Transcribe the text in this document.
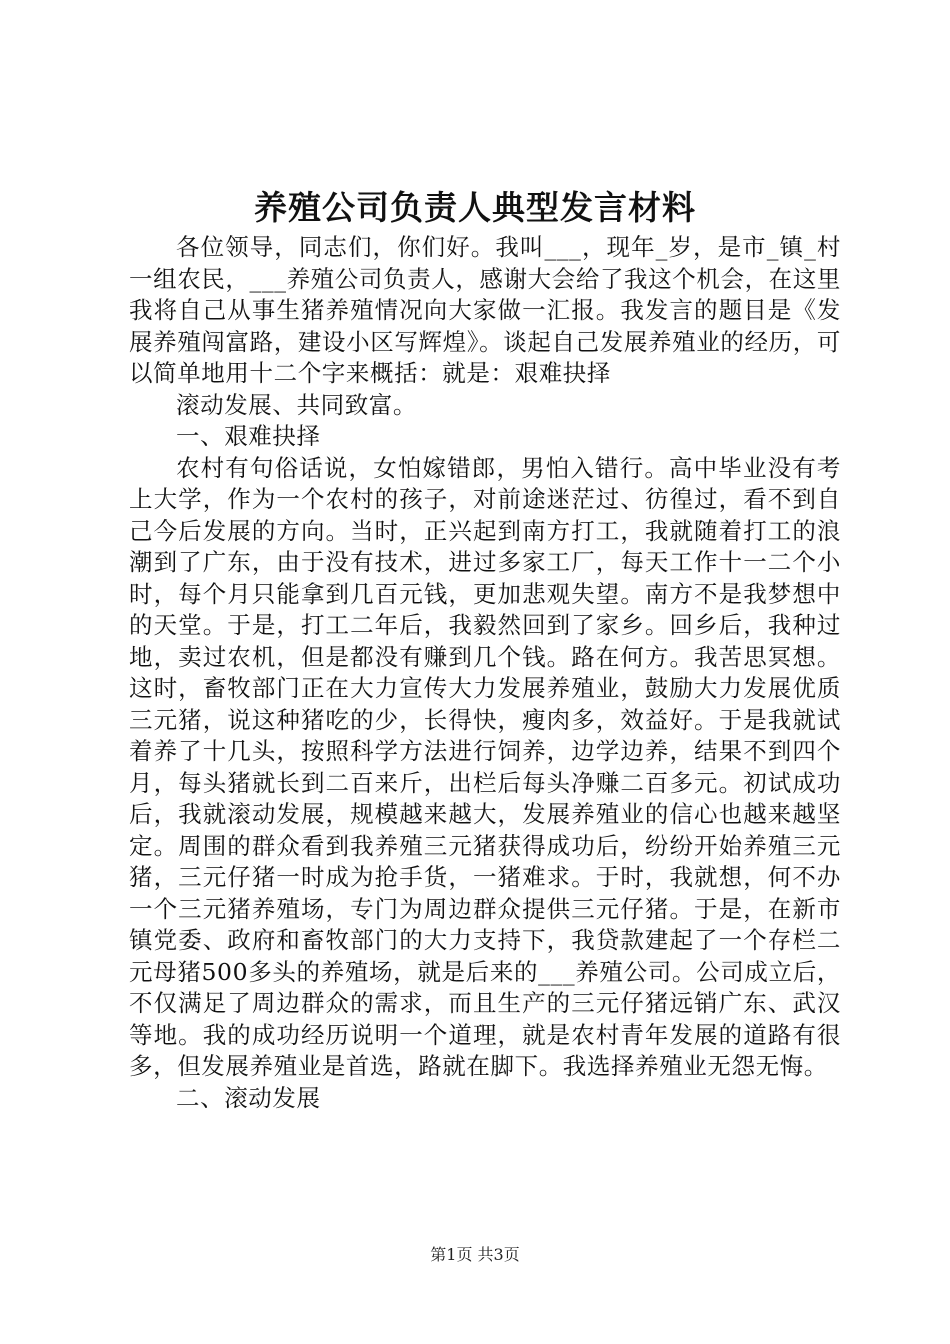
养殖公司负责人典型发言材料

各位领导，同志们，你们好。我叫___，现年_岁，是市_镇_村一组农民，___养殖公司负责人，感谢大会给了我这个机会，在这里我将自己从事生猪养殖情况向大家做一汇报。我发言的题目是《发展养殖闯富路，建设小区写辉煌》。谈起自己发展养殖业的经历，可以简单地用十二个字来概括：就是：艰难抉择

滚动发展、共同致富。

一、艰难抉择

农村有句俗话说，女怕嫁错郎，男怕入错行。高中毕业没有考上大学，作为一个农村的孩子，对前途迷茫过、彷徨过，看不到自己今后发展的方向。当时，正兴起到南方打工，我就随着打工的浪潮到了广东，由于没有技术，进过多家工厂，每天工作十一二个小时，每个月只能拿到几百元钱，更加悲观失望。南方不是我梦想中的天堂。于是，打工二年后，我毅然回到了家乡。回乡后，我种过地，卖过农机，但是都没有赚到几个钱。路在何方。我苦思冥想。这时，畜牧部门正在大力宣传大力发展养殖业，鼓励大力发展优质三元猪，说这种猪吃的少，长得快，瘦肉多，效益好。于是我就试着养了十几头，按照科学方法进行饲养，边学边养，结果不到四个月，每头猪就长到二百来斤，出栏后每头净赚二百多元。初试成功后，我就滚动发展，规模越来越大，发展养殖业的信心也越来越坚定。周围的群众看到我养殖三元猪获得成功后，纷纷开始养殖三元猪，三元仔猪一时成为抢手货，一猪难求。于时，我就想，何不办一个三元猪养殖场，专门为周边群众提供三元仔猪。于是，在新市镇党委、政府和畜牧部门的大力支持下，我贷款建起了一个存栏二元母猪500多头的养殖场，就是后来的___养殖公司。公司成立后，不仅满足了周边群众的需求，而且生产的三元仔猪远销广东、武汉等地。我的成功经历说明一个道理，就是农村青年发展的道路有很多，但发展养殖业是首选，路就在脚下。我选择养殖业无怨无悔。

二、滚动发展

第1页 共3页
